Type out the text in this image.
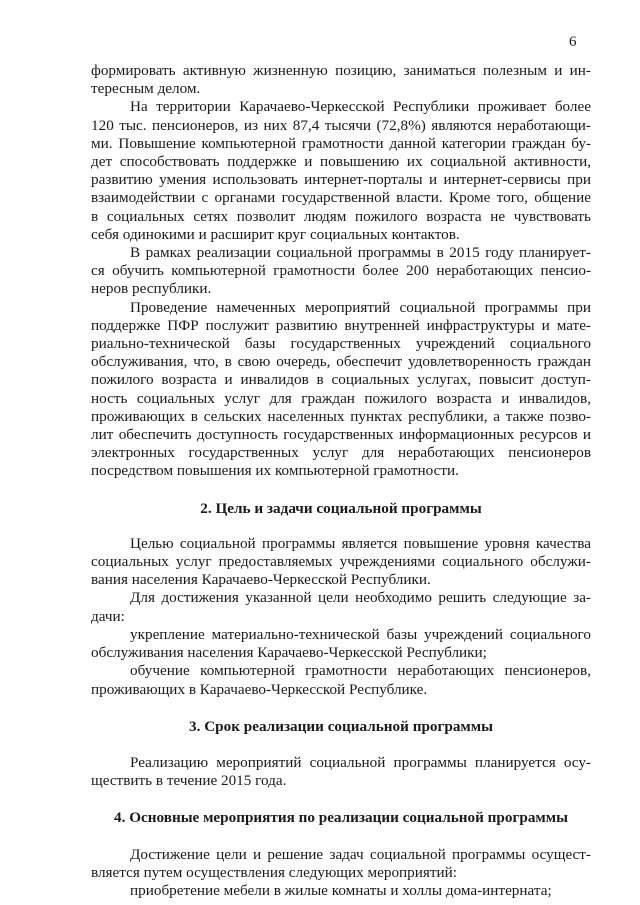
6
формировать активную жизненную позицию, заниматься полезным и ин-
тересным делом.
На территории Карачаево-Черкесской Республики проживает более
120 тыс. пенсионеров, из них 87,4 тысячи (72,8%) являются неработающи-
ми. Повышение компьютерной грамотности данной категории граждан бу-
дет способствовать поддержке и повышению их социальной активности,
развитию умения использовать интернет-порталы и интернет-сервисы при
взаимодействии с органами государственной власти. Кроме того, общение
в социальных сетях позволит людям пожилого возраста не чувствовать
себя одинокими и расширит круг социальных контактов.
В рамках реализации социальной программы в 2015 году планирует-
ся обучить компьютерной грамотности более 200 неработающих пенсио-
неров республики.
Проведение намеченных мероприятий социальной программы при
поддержке ПФР послужит развитию внутренней инфраструктуры и мате-
риально-технической базы государственных учреждений социального
обслуживания, что, в свою очередь, обеспечит удовлетворенность граждан
пожилого возраста и инвалидов в социальных услугах, повысит доступ-
ность социальных услуг для граждан пожилого возраста и инвалидов,
проживающих в сельских населенных пунктах республики, а также позво-
лит обеспечить доступность государственных информационных ресурсов и
электронных государственных услуг для неработающих пенсионеров
посредством повышения их компьютерной грамотности.
2. Цель и задачи социальной программы
Целью социальной программы является повышение уровня качества
социальных услуг предоставляемых учреждениями социального обслужи-
вания населения Карачаево-Черкесской Республики.
Для достижения указанной цели необходимо решить следующие за-
дачи:
укрепление материально-технической базы учреждений социального
обслуживания населения Карачаево-Черкесской Республики;
обучение компьютерной грамотности неработающих пенсионеров,
проживающих в Карачаево-Черкесской Республике.
3. Срок реализации социальной программы
Реализацию мероприятий социальной программы планируется осу-
ществить в течение 2015 года.
4. Основные мероприятия по реализации социальной программы
Достижение цели и решение задач социальной программы осущест-
вляется путем осуществления следующих мероприятий:
приобретение мебели в жилые комнаты и холлы дома-интерната;
